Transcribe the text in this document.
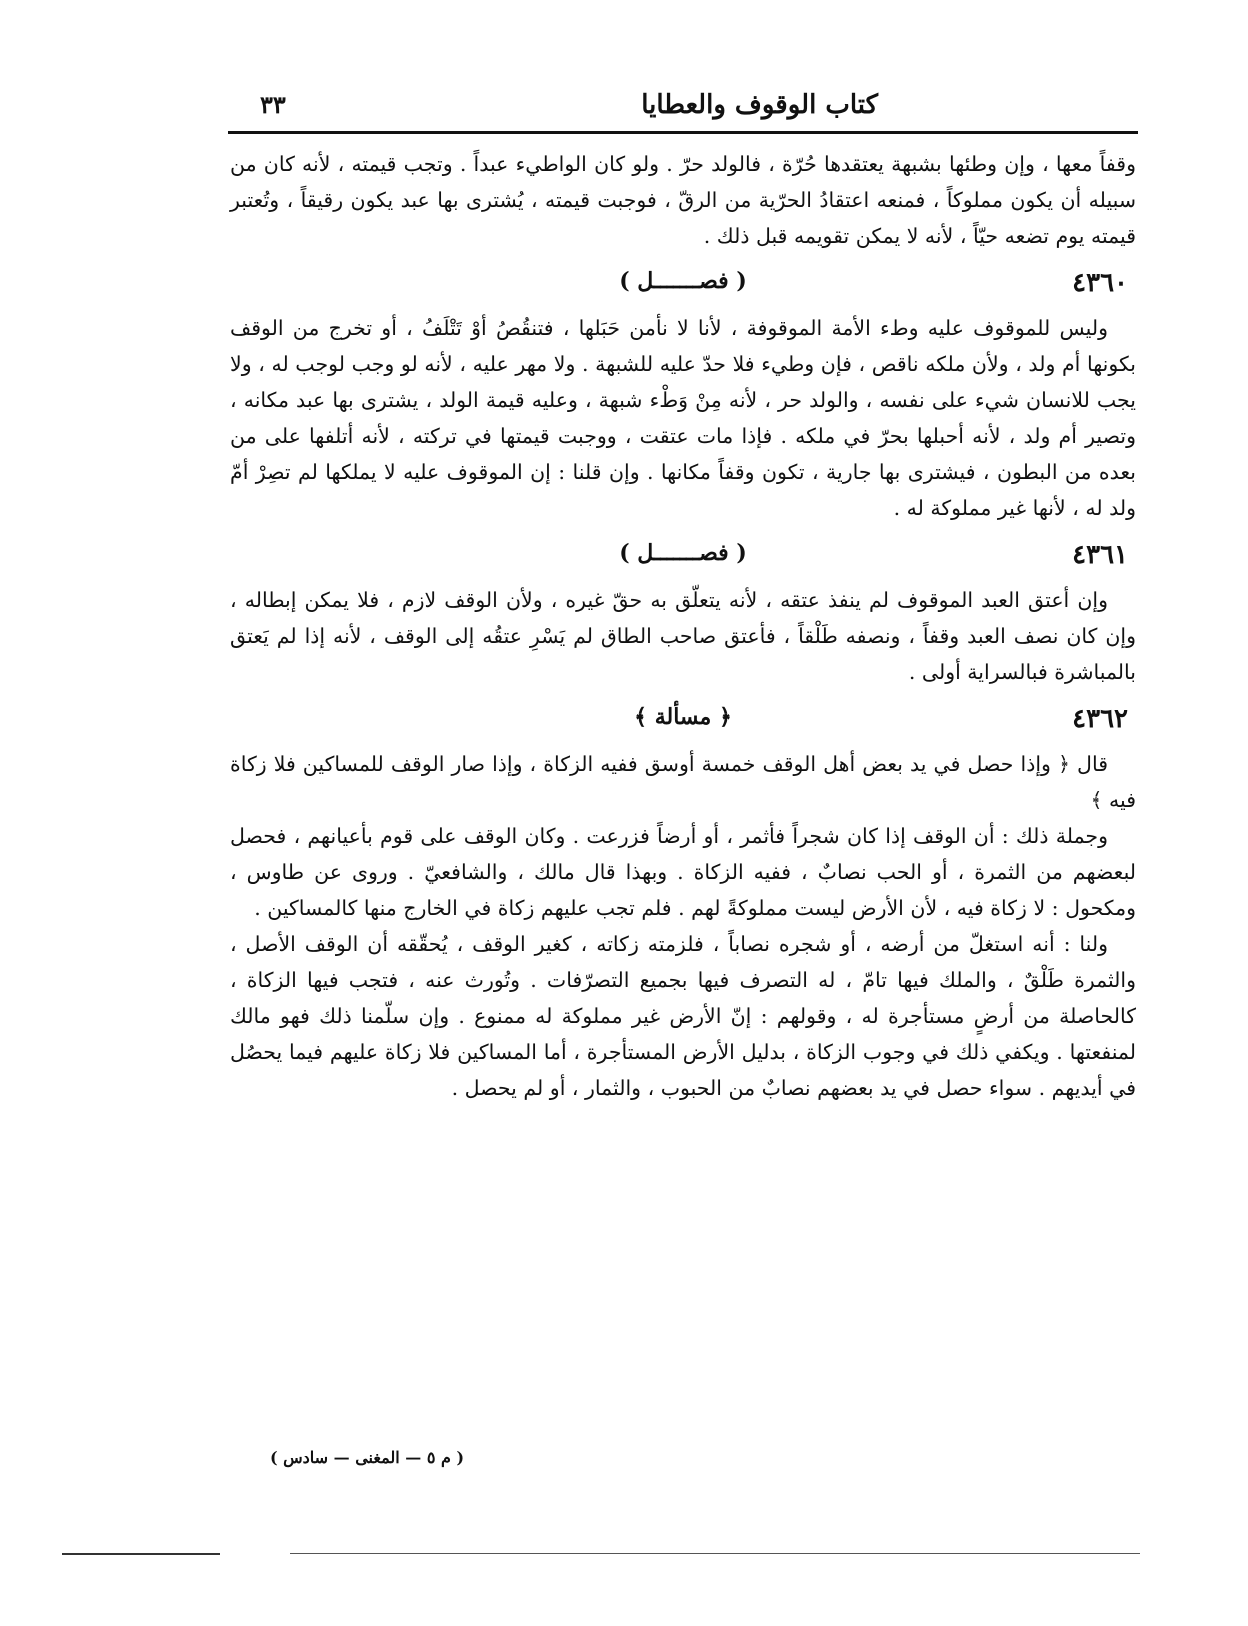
كتاب الوقوف والعطايا
٣٣

وقفاً معها ، وإن وطئها بشبهة يعتقدها حُرّة ، فالولد حرّ . ولو كان الواطيء عبداً . وتجب قيمته ، لأنه كان من سبيله أن يكون مملوكاً ، فمنعه اعتقادُ الحرّية من الرقّ ، فوجبت قيمته ، يُشترى بها عبد يكون رقيقاً ، وتُعتبر قيمته يوم تضعه حيّاً ، لأنه لا يمكن تقويمه قبل ذلك .

٤٣٦٠
( فصـــــــل )

وليس للموقوف عليه وطء الأمة الموقوفة ، لأنا لا نأمن حَبَلها ، فتنقُصُ أوْ تَتْلَفُ ، أو تخرج من الوقف بكونها أم ولد ، ولأن ملكه ناقص ، فإن وطيء فلا حدّ عليه للشبهة . ولا مهر عليه ، لأنه لو وجب لوجب له ، ولا يجب للانسان شيء على نفسه ، والولد حر ، لأنه مِنْ وَطْء شبهة ، وعليه قيمة الولد ، يشترى بها عبد مكانه ، وتصير أم ولد ، لأنه أحبلها بحرّ في ملكه . فإذا مات عتقت ، ووجبت قيمتها في تركته ، لأنه أتلفها على من بعده من البطون ، فيشترى بها جارية ، تكون وقفاً مكانها . وإن قلنا : إن الموقوف عليه لا يملكها لم تصِرْ أمّ ولد له ، لأنها غير مملوكة له .

٤٣٦١
( فصـــــــل )

وإن أعتق العبد الموقوف لم ينفذ عتقه ، لأنه يتعلّق به حقّ غيره ، ولأن الوقف لازم ، فلا يمكن إبطاله ، وإن كان نصف العبد وقفاً ، ونصفه طَلْقاً ، فأعتق صاحب الطاق لم يَسْرِ عتقُه إلى الوقف ، لأنه إذا لم يَعتق بالمباشرة فبالسراية أولى .

٤٣٦٢
﴿ مسألة ﴾

قال ﴿ وإذا حصل في يد بعض أهل الوقف خمسة أوسق ففيه الزكاة ، وإذا صار الوقف للمساكين فلا زكاة فيه ﴾

وجملة ذلك : أن الوقف إذا كان شجراً فأثمر ، أو أرضاً فزرعت . وكان الوقف على قوم بأعيانهم ، فحصل لبعضهم من الثمرة ، أو الحب نصابٌ ، ففيه الزكاة . وبهذا قال مالك ، والشافعيّ . وروى عن طاوس ، ومكحول : لا زكاة فيه ، لأن الأرض ليست مملوكةً لهم . فلم تجب عليهم زكاة في الخارج منها كالمساكين .

ولنا : أنه استغلّ من أرضه ، أو شجره نصاباً ، فلزمته زكاته ، كغير الوقف ، يُحقّقه أن الوقف الأصل ، والثمرة طَلْقٌ ، والملك فيها تامّ ، له التصرف فيها بجميع التصرّفات . وتُورث عنه ، فتجب فيها الزكاة ، كالحاصلة من أرضٍ مستأجرة له ، وقولهم : إنّ الأرض غير مملوكة له ممنوع . وإن سلّمنا ذلك فهو مالك لمنفعتها . ويكفي ذلك في وجوب الزكاة ، بدليل الأرض المستأجرة ، أما المساكين فلا زكاة عليهم فيما يحصُل في أيديهم . سواء حصل في يد بعضهم نصابٌ من الحبوب ، والثمار ، أو لم يحصل .

( م ٥ — المغنى — سادس )
